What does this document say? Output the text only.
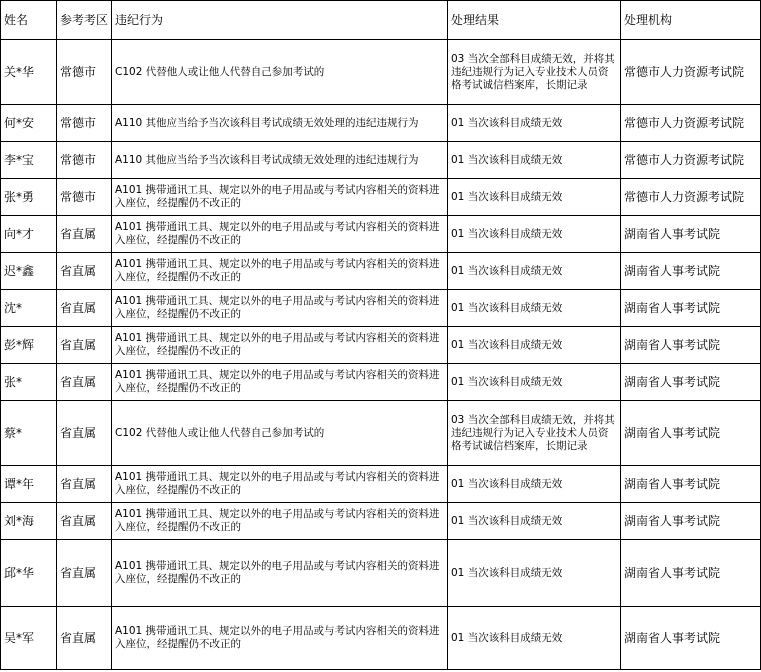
姓名	参考考区	违纪行为	处理结果	处理机构
关*华	常德市	C102 代替他人或让他人代替自己参加考试的	03 当次全部科目成绩无效，并将其违纪违规行为记入专业技术人员资格考试诚信档案库，长期记录	常德市人力资源考试院
何*安	常德市	A110 其他应当给予当次该科目考试成绩无效处理的违纪违规行为	01 当次该科目成绩无效	常德市人力资源考试院
李*宝	常德市	A110 其他应当给予当次该科目考试成绩无效处理的违纪违规行为	01 当次该科目成绩无效	常德市人力资源考试院
张*勇	常德市	A101 携带通讯工具、规定以外的电子用品或与考试内容相关的资料进入座位，经提醒仍不改正的	01 当次该科目成绩无效	常德市人力资源考试院
向*才	省直属	A101 携带通讯工具、规定以外的电子用品或与考试内容相关的资料进入座位，经提醒仍不改正的	01 当次该科目成绩无效	湖南省人事考试院
迟*鑫	省直属	A101 携带通讯工具、规定以外的电子用品或与考试内容相关的资料进入座位，经提醒仍不改正的	01 当次该科目成绩无效	湖南省人事考试院
沈*	省直属	A101 携带通讯工具、规定以外的电子用品或与考试内容相关的资料进入座位，经提醒仍不改正的	01 当次该科目成绩无效	湖南省人事考试院
彭*辉	省直属	A101 携带通讯工具、规定以外的电子用品或与考试内容相关的资料进入座位，经提醒仍不改正的	01 当次该科目成绩无效	湖南省人事考试院
张*	省直属	A101 携带通讯工具、规定以外的电子用品或与考试内容相关的资料进入座位，经提醒仍不改正的	01 当次该科目成绩无效	湖南省人事考试院
蔡*	省直属	C102 代替他人或让他人代替自己参加考试的	03 当次全部科目成绩无效，并将其违纪违规行为记入专业技术人员资格考试诚信档案库，长期记录	湖南省人事考试院
谭*年	省直属	A101 携带通讯工具、规定以外的电子用品或与考试内容相关的资料进入座位，经提醒仍不改正的	01 当次该科目成绩无效	湖南省人事考试院
刘*海	省直属	A101 携带通讯工具、规定以外的电子用品或与考试内容相关的资料进入座位，经提醒仍不改正的	01 当次该科目成绩无效	湖南省人事考试院
邱*华	省直属	A101 携带通讯工具、规定以外的电子用品或与考试内容相关的资料进入座位，经提醒仍不改正的	01 当次该科目成绩无效	湖南省人事考试院
吴*军	省直属	A101 携带通讯工具、规定以外的电子用品或与考试内容相关的资料进入座位，经提醒仍不改正的	01 当次该科目成绩无效	湖南省人事考试院
